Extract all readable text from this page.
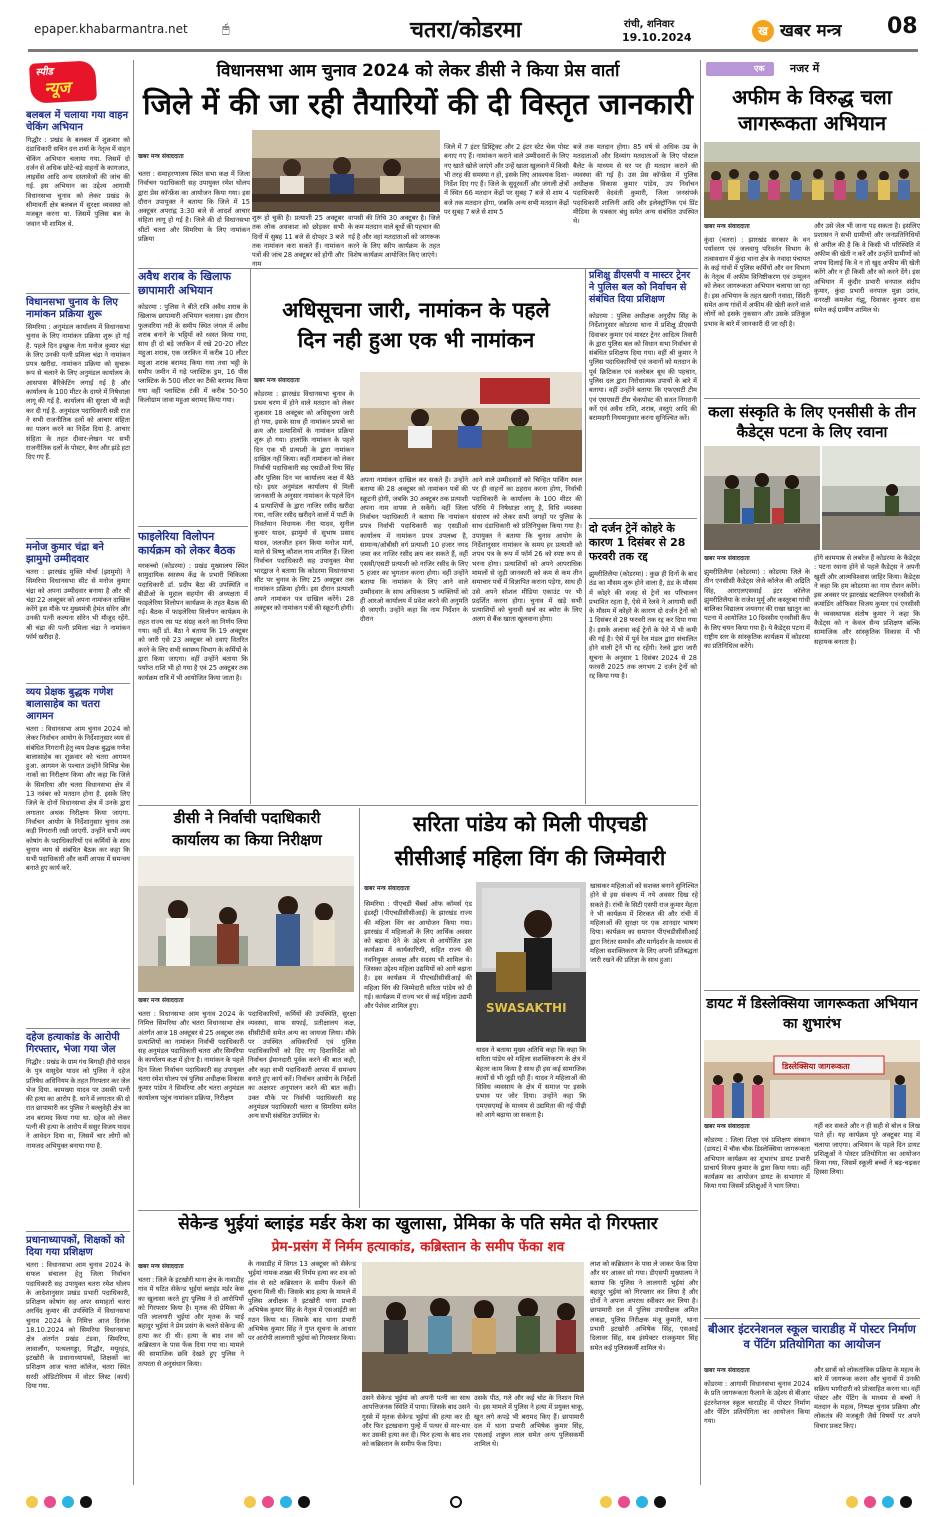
epaper.khabarmantra.net	🖰	चतरा/कोडरमा	रांची, शनिवार
19.10.2024	ख खबर मन्त्र 08
स्पीड
न्यूज
बलबल में चलाया गया वाहन चेकिंग अभियान
गिद्धौर : प्रखंड के बलबल में शुक्रवार को दंडाधिकारी सचिन दत्त शर्मा के नेतृत्व में वाहन चेकिंग अभियान चलाया गया. जिसमें दो दर्जन से अधिक छोटे-बड़े वाहनों के कागजात, लाइसेंस आदि अन्य दस्तावेजों की जांच की गई. इस अभियान का उद्देश्य आगामी विधानसभा चुनाव को लेकर प्रखंड के सीमावर्ती क्षेत्र बलबल में सुरक्षा व्यवस्था को मजबूत करना था. जिसमें पुलिस बल के जवान भी शामिल थे.
विधानसभा चुनाव के लिए नामांकन प्रक्रिया शुरू
सिमरिया : अनुमंडल कार्यालय में विधानसभा चुनाव के लिए नामांकन प्रक्रिया शुरू हो गई है. पहले दिन इच्छुक नेता मनोज कुमार चंद्रा के लिए उनकी पत्नी प्रमिला चंद्रा ने नामांकन प्रपत्र खरीदा. नामांकन प्रक्रिया को सुचारू रूप से चलाने के लिए अनुमंडल कार्यालय के आसपास बैरिकेटिंग लगाई गई है और कार्यालय के 100 मीटर के दायरे में निषेधाज्ञा लागू की गई है. कार्यालय की सुरक्षा भी कड़ी कर दी गई है. अनुमंडल पदाधिकारी सन्नी राज ने सभी राजनीतिक दलों को आचार संहिता का पालन करने का निर्देश दिया है. आचार संहिता के तहत दीवार-लेखन पर सभी राजनीतिक दलों के पोस्टर, बैनर और झंडे हटा दिए गए हैं.
मनोज कुमार चंद्रा बने झामुमो उम्मीदवार
चतरा : झारखंड मुक्ति मोर्चा (झामुमो) ने सिमरिया विधानसभा सीट से मनोज कुमार चंद्रा को अपना उम्मीदवार बनाया है और श्री चंद्रा 22 अक्टूबर को अपना नामांकन दाखिल करेंगे इस मौके पर मुख्यमंत्री हेमंत सोरेन और उनकी पत्नी कल्पना सोरेन भी मौजूद रहेंगे. श्री चंद्रा की पत्नी प्रमिला चंद्रा ने नामांकन फॉर्म खरीदा है.
व्यय प्रेक्षक बुद्धक गणेश बालासाहेब का चतरा आगमन
चतरा : विधानसभा आम चुनाव 2024 को लेकर निर्वाचन आयोग के निर्देशानुसार व्यय से संबंधित निगरानी हेतु व्यय प्रेक्षक बुद्धक गणेश बालासाहेब का शुक्रवार को चतरा आगमन हुआ. आगमन के पश्चात उन्होंने विभिन्न चेक नाकों का निरीक्षण किया और कहा कि जिले के सिमरिया और चतरा विधानसभा क्षेत्र में 13 नवंबर को मतदान होना है. इसके लिए जिले के दोनों विधानसभा क्षेत्र में उनके द्वारा लगातार अथक निरीक्षण किया जाएगा. निर्वाचन आयोग के निर्देशानुसार चुनाव तक कड़ी निगरानी रखी जाएगी. उन्होंने सभी व्यय कोषांग के पदाधिकारियों एवं कर्मियों के साथ चुनाव व्यय से संबंधित बैठक कर कहा कि सभी पदाधिकारी और कर्मी आपस में समन्वय बनाते हुए कार्य करें.
दहेज हत्याकांड के आरोपी गिरफ्तार, भेजा गया जेल
गिद्धौर : प्रखंड के ग्राम गंध बिगाही हीरो यादव के पुत्र वासुदेव यादव को पुलिस ने दहेज प्रतिषेध अधिनियम के तहत गिरफ्तार कर जेल भेज दिया. कामख्या यादव पर उसकी पत्नी की हत्या का आरोप है. थाने में लगातार की दो रात छापामारी कर पुलिस ने बल्लुवेही क्षेत्र का शव बरामद किया गया था. दहेज को लेकर पत्नी की हत्या के आरोप में ससुर विजय यादव ने आवेदन दिया था, जिसमें चार लोगों को नामजद अभियुक्त बनाया गया है.
प्रधानाध्यापकों, शिक्षकों को दिया गया प्रशिक्षण
चतरा : विधानसभा आम चुनाव 2024 के सफल संचालन हेतु जिला निर्वाचन पदाधिकारी सह उपायुक्त चतरा रमेश घोलप के आदेशानुसार प्रखंड प्रभारी पदाधिकारी, प्रशिक्षण कोषांग सह अपर समाहर्ता चतरा अरविंद कुमार की उपस्थिति में विधानसभा चुनाव 2024 के निमित्त आज दिनांक 18.10.2024 को सिमरिया विधानसभा क्षेत्र अंतर्गत प्रखंड टंडवा, सिमरिया, लावालौंग, पत्थलगड्डा, गिद्धौर, मयूरहंड, इटखोरी के प्रधानाध्यापकों, शिक्षकों का प्रशिक्षण आज चतरा कॉलेज, चतरा स्थित सरदी ऑडिटोरियम में वोटर लिस्ट (कार्य) दिया गया.
विधानसभा आम चुनाव 2024 को लेकर डीसी ने किया प्रेस वार्ता
जिले में की जा रही तैयारियों की दी विस्तृत जानकारी
खबर मन्त्र संवाददाता
चतरा : समाहरणालय स्थित सभा कक्ष में जिला निर्वाचन पदाधिकारी सह उपायुक्त रमेश घोलप द्वारा प्रेस कॉन्फ्रेंस का आयोजन किया गया। इस दौरान उपायुक्त ने बताया कि जिले में 15 अक्टूबर अपराह्न 3:30 बजे से आदर्श आचार संहिता लागू हो गई है। जिले की दो विधानसभा सीटों चतरा और सिमरिया के लिए नामांकन प्रक्रिया
शुरू हो चुकी है। प्रत्याशी 25 अक्टूबर तक लोक अवकाश को छोड़कर सभी दिनों में सुबह 11 बजे से दोपहर 3 बजे तक नामांकन करा सकते हैं। नामांकन पत्रों की जांच 28 अक्टूबर को होगी और नाम
वापसी की तिथि 30 अक्टूबर है। जिले के कम मतदान वाले बूथों की पहचान की गई है और वहां मतदाताओं को जागरूक करने के लिए स्वीप कार्यक्रम के तहत विशेष कार्यक्रम आयोजित किए जाएंगे।
जिले में 7 इंटर डिस्ट्रिक्ट और 2 इंटर स्टेट चेक पोस्ट बनाए गए हैं। नामांकन कराने वाले उम्मीदवारों के लिए नए खाते खोले जाएंगे और उन्हें खाता खुलवाने में किसी भी तरह की समस्या न हो, इसके लिए आवश्यक दिशा-निर्देश दिए गए हैं। जिले के सुदूरवर्ती और जंगली क्षेत्रों में स्थित 66 मतदान केंद्रों पर सुबह 7 बजे से शाम 4 बजे तक मतदान होगा, जबकि अन्य सभी मतदान केंद्रों पर सुबह 7 बजे से शाम 5
बजे तक मतदान होगा। 85 वर्ष से अधिक उम्र के मतदाताओं और दिव्यांग मतदाताओं के लिए पोस्टल बैलेट के माध्यम से घर पर ही मतदान कराने की व्यवस्था की गई है। उस प्रेस कॉन्फ्रेंस में पुलिस अधीक्षक विकास कुमार पांडेय, उप निर्वाचन पदाधिकारी वेदवंती कुमारी, जिला जनसंपर्क पदाधिकारी शालिनी आदि और इलेक्ट्रॉनिक एवं प्रिंट मीडिया के पत्रकार बंधु समेत अन्य संबंधित उपस्थित थे।
अवैध शराब के खिलाफ छापामारी अभियान
कोडरमा : पुलिस ने बीते रात्रि अवैध शराब के खिलाफ छापामारी अभियान चलाया। इस दौरान फुलवरिया नदी के समीप स्थित जंगल में अवैध शराब बनाने के भट्ठियों को ध्वस्त किया गया, साथ ही दो बड़े जरकिन में रखे 20-20 लीटर महुआ शराब, एक जरकिन में करीब 10 लीटर महुआ शराब बरामद किया गया तथा भट्ठी के समीप जमीन में गढ़े प्लास्टिक ड्रम, 16 पीस प्लास्टिक के 500 लीटर का टैंकी बरामद किया गया वहीं प्लास्टिक टंकी में करीब 50-50 किलोग्राम जावा महुआ बरामद किया गया।
फाइलेरिया विलोपन कार्यक्रम को लेकर बैठक
मरकच्चो (कोडरमा) : प्रखंड मुख्यालय स्थित सामुदायिक स्वास्थ्य केंद्र के प्रभारी चिकित्सा पदाधिकारी डॉ. प्रदीप बैठा की उपस्थिति व बीडीओ के मुहाल सहयोग की अध्यक्षता में फाइलेरिया विलोपन कार्यक्रम के तहत बैठक की गई। बैठक में फाइलेरिया विलोपन कार्यक्रम के तहत राज्य रस पट संग्रह करने का निर्णय लिया गया। वहीं डॉ. बैठा ने बताया कि 19 अक्टूबर को जारी एसे 23 अक्टूबर को दवाएं वितरित करने के लिए सभी स्वास्थ्य विभाग के कर्मियों के द्वारा किया जाएगा। वहीं उन्होंने बताया कि पर्याप्त राशि भी हो गया है एवं 25 अक्टूबर तक कार्यक्रम रात्रि में भी आयोजित किया जाता है।
अधिसूचना जारी, नामांकन के पहले
दिन नही हुआ एक भी नामांकन
खबर मन्त्र संवाददाता
कोडरमा : झारखंड विधानसभा चुनाव के प्रथम चरण में होने वाले मतदान को लेकर शुक्रवार 18 अक्टूबर को अधिसूचना जारी हो गया, इसके साथ ही नामांकन प्रपत्रों का क्रय और प्रत्याशियों के नामांकन प्रक्रिया शुरू हो गया। हालांकि नामांकन के पहले दिन एक भी प्रत्याशी के द्वारा नामांकन दाखिल नहीं किया। कहीं नामांकन को लेकर निर्वाची पदाधिकारी सह एसडीओ रिया सिंह और पुलिस दिन भर कार्यालय कक्ष में बैठे रहे। इधर अनुमंडल कार्यालय से मिली जानकारी के अनुसार नामांकन के पहले दिन 4 प्रत्याशियों के द्वारा नाजिर रसीद खरीदा गया, नाजिर रसीद खरीदने वालों में पार्टी के निवर्तमान विधायक नीरा यादव, सुनील कुमार यादव, झामुमो से सुभाष प्रसाद यादव, जलजीत हवन किया मनोज मार्ग, माले से विष्णु कौशल नाम शामिल हैं। जिला निर्वाचन पदाधिकारी सह उपायुक्त मेघा भारद्वाज ने बताया कि कोडरमा विधानसभा सीट पर चुनाव के लिए 25 अक्टूबर तक नामांकन प्रक्रिया होगी। इस दौरान प्रत्याशी अपने नामांकन पत्र दाखिल करेंगे। 28 अक्टूबर को नामांकन पत्रों की स्क्रूटनी होगी।
अपना नामांकन दाखिल कर सकते हैं। उन्होंने बताया की 28 अक्टूबर को नामांकन पत्रों की स्क्रूटनी होगी, जबकि 30 अक्टूबर तक प्रत्याशी अपना नाम वापस ले सकेंगे। वहीं जिला निर्वाचन पदाधिकारी ने बताया कि नामांकन प्रपत्र निर्वाची पदाधिकारी सह एसडीओ कार्यालय में नामांकन प्रपत्र उपलब्ध है, सामान्य/ओबीसी वर्ग प्रत्याशी 10 हजार नगद जमा कर नाजिर रसीद क्रय कर सकते हैं, वहीं एससी/एसटी प्रत्याशी को नाजिर रसीद के लिए 5 हजार का भुगतान करना होगा। वहीं उन्होंने बताया कि नामांकन के लिए आने वाले उम्मीदवार के साथ अधिकतम 5 व्यक्तियों को ही आरओ कार्यालय में प्रवेश करने की अनुमति दी जाएगी। उन्होंने कहा कि नाम निर्देशन के दौरान
आने वाले उम्मीदवारों को चिन्हित पार्किंग स्थल पर ही वाहनों का ठहराव करना होगा, निर्वाची पदाधिकारी के कार्यालय के 100 मीटर की परिधि में निषेधाज्ञा लागू है, विधि व्यवस्था संधारण को लेकर सभी जगहों पर पुलिस के साथ दंडाधिकारी को प्रतिनियुक्त किया गया है। उपायुक्त ने बताया कि चुनाव आयोग के निर्देशानुसार नामांकन के समय हर प्रत्याशी को शपथ पत्र के रूप में फॉर्म 26 को स्पष्ट रूप से भरना होगा। प्रत्याशियों को अपने आपराधिक मामलों से जुड़ी जानकारी को कम से कम तीन समाचार पत्रों में विज्ञापित कराना पड़ेगा, साथ ही उसे अपने सोशल मीडिया एकाउंट पर भी प्रदर्शित करना होगा। चुनाव में खड़े सभी प्रत्याशियों को चुनावी खर्च का ब्योरा के लिए अलग से बैंक खाता खुलवाना होगा।
प्रशिक्षु डीएसपी व मास्टर ट्रेनर ने पुलिस बल को निर्वाचन से संबंधित दिया प्रशिक्षण
कोडरमा : पुलिस अधीक्षक अनुदीप सिंह के निर्देशानुसार कोडरमा थाना में प्रशिक्षु डीएसपी दिवाकर कुमार एवं मास्टर ट्रेनर आदित्य तिवारी के द्वारा पुलिस बल को विधान सभा निर्वाचन से संबंधित प्रशिक्षण दिया गया। वहीं श्री कुमार ने पुलिस पदाधिकारियों एवं जवानों को मतदान के पूर्व क्रिटिकल एवं वलरेबल बूथ की पहचान, पुलिस दल द्वारा निरोधात्मक उपायों के बारे में बताया। वहीं उन्होंने बताया कि एफएसटी टीम एवं एसएसटी टीम चेकपोस्ट की सतत निगरानी करें एवं अवैध राशि, शराब, वस्तुएं आदि की बरामदगी नियमानुसार करना सुनिश्चित करें।
दो दर्जन ट्रेनें कोहरे के कारण 1 दिसंबर से 28 फरवरी तक रद्द
झुमरीतिलैया (कोडरमा) : कुछ ही दिनों के बाद ठंड का मौसम शुरू होने वाला है, ठंड के मौसम में कोहरे की वजह से ट्रेनों का परिचालन प्रभावित रहता है, ऐसे में रेलवे ने आगामी सर्दी के मौसम में कोहरे के कारण दो दर्जन ट्रेनों को 1 दिसंबर से 28 फरवरी तक रद्द कर दिया गया है। इसके अलावा कई ट्रेनों के फेरे में भी कमी की गई है। ऐसे में पूर्व रेल मंडल द्वारा संचालित होने वाली ट्रेनें भी रद्द रहेंगी। रेलवे द्वारा जारी सूचना के अनुसार 1 दिसंबर 2024 से 28 फरवरी 2025 तक लगभग 2 दर्जन ट्रेनों को रद्द किया गया है।
डीसी ने निर्वाची पदाधिकारी
कार्यालय का किया निरीक्षण
खबर मन्त्र संवाददाता
चतरा : विधानसभा आम चुनाव 2024 के निमित्त सिमरिया और चतरा विधानसभा क्षेत्र अंतर्गत आज 18 अक्टूबर से 25 अक्टूबर तक प्रत्याशियों का नामांकन निर्वाची पदाधिकारी सह अनुमंडल पदाधिकारी चतरा और सिमरिया के कार्यालय कक्ष में होना है। नामांकन के पहले दिन जिला निर्वाचन पदाधिकारी सह उपायुक्त चतरा रमेश घोलप एवं पुलिस अधीक्षक विकास कुमार पांडेय ने सिमरिया और चतरा अनुमंडल कार्यालय पहुंच नामांकन प्रक्रिया, निरीक्षण
पदाधिकारियों, कर्मियों की उपस्थिति, सुरक्षा व्यवस्था, साफ सफाई, प्रतीक्षालय कक्ष, सीसीटीवी समेत अन्य का जायजा लिया। मौके पर उपस्थित अधिकारियों एवं पुलिस पदाधिकारियों को दिए गए दिशानिर्देश को निर्वाचन ईमानदारी पूर्वक करने की बात कही, और कहा सभी पदाधिकारी आपस में समन्वय बनाते हुए कार्य करें। निर्वाचन आयोग के निर्देशों का अक्षरशः अनुपालन करने की बात कही। उक्त मौके पर निर्वाची पदाधिकारी सह अनुमंडल पदाधिकारी चतरा व सिमरिया समेत अन्य सभी संबंधित उपस्थित थे।
सरिता पांडेय को मिली पीएचडी
सीसीआई महिला विंग की जिम्मेवारी
खबर मन्त्र संवाददाता
सिमरिया : पीएचडी चैंबर्स ऑफ कॉमर्स एंड इंडस्ट्री (पीएचडीसीसीआई) के झारखंड राज्य की महिला विंग का आयोजन किया गया। झारखंड में महिलाओं के लिए आर्थिक अवसर को बढ़ावा देने के उद्देश्य से आयोजित इस कार्यक्रम में कार्यकारिणी, सहित राज्य की नवनियुक्त अध्यक्ष और सदस्य भी शामिल थे। जिसका उद्देश्य महिला उद्यमियों को आगे बढ़ाना है। इस कार्यक्रम में पीएचडीसीसीआई की महिला विंग की जिम्मेदारी सरिता पांडेय को दी गई। कार्यक्रम में राज्य भर से कई महिला उद्यमी और पेशेवर शामिल हुए।	SWASAKTHI
यादव ने बताया मुख्य अतिथि कहा कि कहा कि सरिता पांडेय को महिला सशक्तिकरण के क्षेत्र में बेहतर काम किया है साथ ही इस कई सामाजिक कार्यों से भी जुड़ी रही हैं। यादव ने महिलाओं की विविध व्यवसाय के क्षेत्र में समाज पर इसके प्रभाव पर जोर दिया। उन्होंने कहा कि एमएसएमई के माध्यम से उद्यमिता की नई पीढ़ी को आगे बढ़ाया जा सकता है।
खासकर महिलाओं को सशक्त बनाने सुनिश्चित होने से इस संकल्प में नये अवसर दिख रहे सकते हैं। रांची के सिटी एसपी राज कुमार मेहता ने भी कार्यक्रम में शिरकत की और रांची में महिलाओं की सुरक्षा पर एक शानदार भाषण दिया। कार्यक्रम का समापन पीएचडीसीसीआई द्वारा निरंतर समर्थन और मार्गदर्शन के माध्यम से महिला सशक्तिकरण के लिए अपनी प्रतिबद्धता जारी रखने की प्रतिज्ञा के साथ हुआ।
सेकेन्ड भुईयां ब्लाइंड मर्डर केश का खुलासा, प्रेमिका के पति समेत दो गिरफ्तार
प्रेम-प्रसंग में निर्मम हत्याकांड, कब्रिस्तान के समीप फेंका शव
खबर मन्त्र संवाददाता
चतरा : जिले के इटखोरी थाना क्षेत्र के नावाडीह गांव में घटित सेकेन्ड भुईयां ब्लाइंड मर्डर केस का खुलासा करते हुए पुलिस ने दो आरोपियों को गिरफ्तार किया है। मृतक की प्रेमिका के पति लालगारी भुईयां और मृतक के भाई बहादुर भुईयां ने प्रेम प्रसंग के चलते सेकेन्ड की हत्या कर दी थी। हत्या के बाद शव को कब्रिस्तान के पास फेंक दिया गया था। मामले की सामाजिक छवि देखते हुए पुलिस ने तत्परता से अनुसंधान किया।
के नावाडीह में विगत 13 अक्टूबर को सेकेन्ड भुईयां नामक शख्स की निर्मम हत्या कर शव को गांव से सटे कब्रिस्तान के समीप फेंकने की सूचना मिली थी। जिसके बाद हत्या के मामले में पुलिस अधीक्षक ने इटखोरी थाना प्रभारी अभिषेक कुमार सिंह के नेतृत्व में एसआईटी का गठन किया था। जिसके बाद थाना प्रभारी अभिषेक कुमार सिंह ने गुप्त सूचना के आधार पर आरोपी लालगारी भुईयां को गिरफ्तार किया।
उसने सेकेन्ड भुईयां को अपनी पत्नी का साथ आपत्तिजनक स्थिति में पाया। जिसके बाद उसने गुस्से में मृतक सेकेन्ड भुईयां की हत्या कर दी और फिर इटखवाना पुल्हे में पत्थर से मार-मार कर उसकी हत्या कर दी। फिर हत्या के बाद शव को कब्रिस्तान के समीप फेंक दिया।
उसके पीठ, गले और कई चोट के निशान मिले थे। इस मामले में पुलिस ने हत्या में प्रयुक्त चाकू, खून लगे कपड़े भी बरामद किए हैं। छापामारी दल में थाना प्रभारी अभिषेक कुमार सिंह, एसआई शत्रुघ्न लाल समेत अन्य पुलिसकर्मी शामिल थे।
लाश को कब्रिस्तान के पास ले जाकर फेंक दिया और घर आकर सो गया। डीएसपी मुख्यालय ने बताया कि पुलिस ने लालगारी भुईयां और बहादुर भुईयां को गिरफ्तार कर लिया है और दोनों ने अपना अपराध स्वीकार कर लिया है। छापामारी दल में पुलिस उपाधीक्षक अमित लकड़ा, पुलिस निरीक्षक मंजू कुमारी, थाना प्रभारी इटखोरी अभिषेक सिंह, एसआई दिलावर सिंह, सब इंस्पेक्टर राजकुमार सिंह समेत कई पुलिसकर्मी शामिल थे।
एक नजर में
अफीम के विरुद्ध चला जागरूकता अभियान
खबर मन्त्र संवाददाता
कुंदा (चतरा) : झारखंड सरकार के वन पर्यावरण एवं जलवायु परिवर्तन विभाग के तत्वावधान में कुंदा थाना क्षेत्र के नवादा पंचायत के कई गांवों में पुलिस कर्मियों और वन विभाग के नेतृत्व में अफीम विनिष्टीकरण एवं उन्मूलन को लेकर जागरूकता अभियान चलाया जा रहा है। इस अभियान के तहत खरनी नवादा, सिंदरी समेत अन्य गांवों में अफीम की खेती करने वाले लोगों को इसके नुकसान और उसके प्रतिकूल प्रभाव के बारे में जानकारी दी जा रही है।
और उसे जेल भी जाना पड़ सकता है। इसलिए प्रशासन ने सभी ग्रामीणों और जनप्रतिनिधियों से अपील की है कि वे किसी भी परिस्थिति में अफीम की खेती न करें और उन्होंने ग्रामीणों को शपथ दिलाई कि वे न तो खुद अफीम की खेती करेंगे और न ही किसी और को करने देंगे। इस अभियान में कुंदीर प्रभारी वनपाल संदीप कुमार, कुंदा प्रभारी वनपाल मुन्ना उरांव, वनरक्षी कमलेश गंझू, दिवाकर कुमार दास समेत कई ग्रामीण शामिल थे।
कला संस्कृति के लिए एनसीसी के तीन कैडेट्स पटना के लिए रवाना
खबर मन्त्र संवाददाता
झुमरीतिलैया (कोडरमा) : कोडरमा जिले के तीन एनसीसी कैडेट्स जेजे कॉलेज की अद्रिति सिंह, आरएलएसवाई इंटर कॉलेज झुमरीतिलैया के राजेश मुर्मू और कस्तूरबा गांधी बालिका विद्यालय जयनगर की राखा खातून का पटना में आयोजित 10 दिवसीय एनसीसी कैंप के लिए चयन किया गया है। ये कैडेट्स पटना में राष्ट्रीय स्तर के सांस्कृतिक कार्यक्रम में कोडरमा का प्रतिनिधित्व करेंगे।
होंगे कामयाब से लबरेज हैं कोडरमा के कैडेट्स : पटना रवाना होने से पहले कैडेट्स ने अपनी खुशी और आत्मविश्वास जाहिर किया। कैडेट्स ने कहा कि हम कोडरमा का नाम रोशन करेंगे। इस अवसर पर झारखंड बटालियन एनसीसी के कमांडिंग ऑफिसर विजय कुमार एवं एनसीसी के व्यवस्थापक संतोष कुमार ने कहा कि कैडेट्स को न केवल सैन्य प्रशिक्षण बल्कि सामाजिक और सांस्कृतिक विकास में भी सहायक बनाता है।
डायट में डिस्लेक्सिया जागरूकता अभियान का शुभारंभ
डिस्लेक्सिया जागरूकता
खबर मन्त्र संवाददाता
कोडरमा : जिला शिक्षा एवं प्रशिक्षण संस्थान (डायट) में चौक चौक डिस्लेक्सिया जागरूकता अभियान कार्यक्रम का शुभारंभ डायट प्रभारी प्राचार्य विजय कुमार के द्वारा किया गया। वहीं कार्यक्रम का आयोजन डायट के सभागार में किया गया जिसमें प्रशिक्षुओं ने भाग लिया।
नहीं कर सकते और न ही सही से बोल व लिख पाते हों। यह कार्यक्रम पूरे अक्टूबर माह में चलाया जाएगा। अभियान के पहले दिन डायट प्रशिक्षुओं ने पोस्टर प्रतियोगिता का आयोजन किया गया, जिसमें स्कूली बच्चों ने बढ़-चढ़कर हिस्सा लिया।
बीआर इंटरनेशनल स्कूल चाराडीह में पोस्टर निर्माण व पेंटिंग प्रतियोगिता का आयोजन
खबर मन्त्र संवाददाता
कोडरमा : आगामी विधानसभा चुनाव 2024 के प्रति जागरूकता फैलाने के उद्देश्य से बीआर इंटरनेशनल स्कूल चाराडीह में पोस्टर निर्माण और पेंटिंग प्रतियोगिता का आयोजन किया गया।
और छात्रों को लोकतांत्रिक प्रक्रिया के महत्व के बारे में जागरूक करना और चुनावों में उनकी सक्रिय भागीदारी को प्रोत्साहित करना था। वहीं पोस्टर और पेंटिंग के माध्यम से बच्चों ने मतदान के महत्व, निष्पक्ष चुनाव प्रक्रिया और लोकतंत्र की मजबूती जैसे विषयों पर अपने विचार प्रकट किए।
